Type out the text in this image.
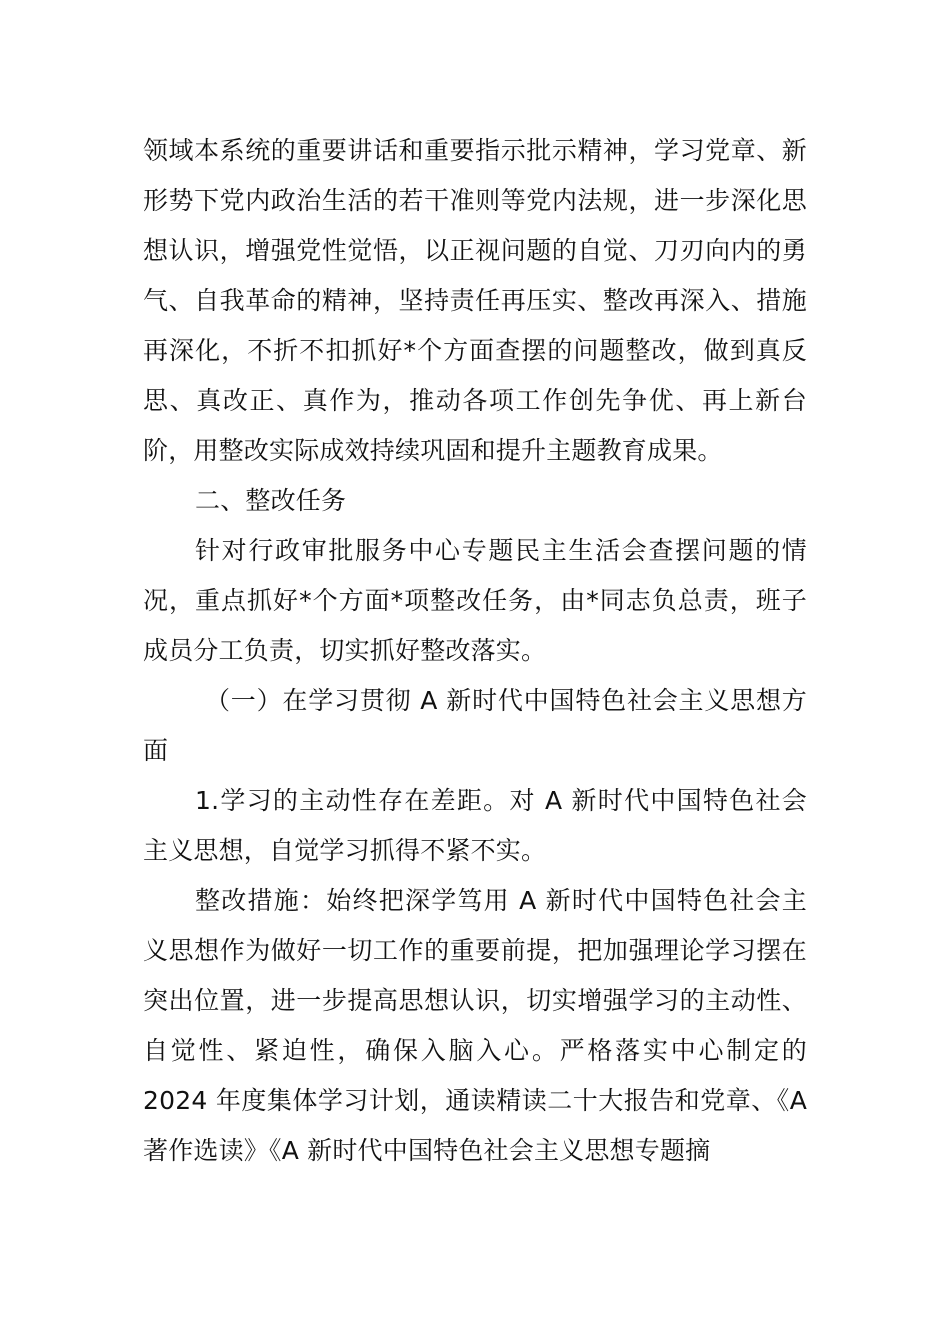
领域本系统的重要讲话和重要指示批示精神，学习党章、新形势下党内政治生活的若干准则等党内法规，进一步深化思想认识，增强党性觉悟，以正视问题的自觉、刀刃向内的勇气、自我革命的精神，坚持责任再压实、整改再深入、措施再深化，不折不扣抓好*个方面查摆的问题整改，做到真反思、真改正、真作为，推动各项工作创先争优、再上新台阶，用整改实际成效持续巩固和提升主题教育成果。

二、整改任务

针对行政审批服务中心专题民主生活会查摆问题的情况，重点抓好*个方面*项整改任务，由*同志负总责，班子成员分工负责，切实抓好整改落实。

（一）在学习贯彻 A 新时代中国特色社会主义思想方面

1.学习的主动性存在差距。对 A 新时代中国特色社会主义思想，自觉学习抓得不紧不实。

整改措施：始终把深学笃用 A 新时代中国特色社会主义思想作为做好一切工作的重要前提，把加强理论学习摆在突出位置，进一步提高思想认识，切实增强学习的主动性、自觉性、紧迫性，确保入脑入心。严格落实中心制定的 2024 年度集体学习计划，通读精读二十大报告和党章、《A 著作选读》《A 新时代中国特色社会主义思想专题摘
